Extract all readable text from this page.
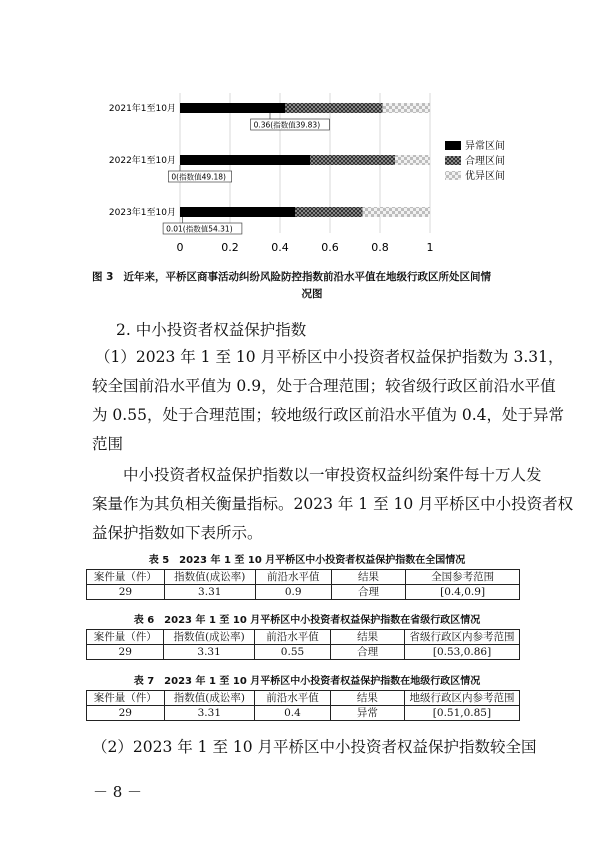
2021年1至10月
2022年1至10月
2023年1至10月
0	0.2	0.4	0.6	0.8	1
0.36(指数值39.83)
0(指数值49.18)
0.01(指数值54.31)
异常区间
合理区间
优异区间
图 3 近年来，平桥区商事活动纠纷风险防控指数前沿水平值在地级行政区所处区间情
况图
2. 中小投资者权益保护指数
（1）2023 年 1 至 10 月平桥区中小投资者权益保护指数为 3.31，
较全国前沿水平值为 0.9，处于合理范围；较省级行政区前沿水平值
为 0.55，处于合理范围；较地级行政区前沿水平值为 0.4，处于异常
范围
中小投资者权益保护指数以一审投资权益纠纷案件每十万人发
案量作为其负相关衡量指标。2023 年 1 至 10 月平桥区中小投资者权
益保护指数如下表所示。
表 5　2023 年 1 至 10 月平桥区中小投资者权益保护指数在全国情况
案件量（件）	指数值(成讼率)	前沿水平值	结果	全国参考范围
29	3.31	0.9	合理	[0.4,0.9]
表 6　2023 年 1 至 10 月平桥区中小投资者权益保护指数在省级行政区情况
案件量（件）	指数值(成讼率)	前沿水平值	结果	省级行政区内参考范围
29	3.31	0.55	合理	[0.53,0.86]
表 7　2023 年 1 至 10 月平桥区中小投资者权益保护指数在地级行政区情况
案件量（件）	指数值(成讼率)	前沿水平值	结果	地级行政区内参考范围
29	3.31	0.4	异常	[0.51,0.85]
（2）2023 年 1 至 10 月平桥区中小投资者权益保护指数较全国
－ 8 －
